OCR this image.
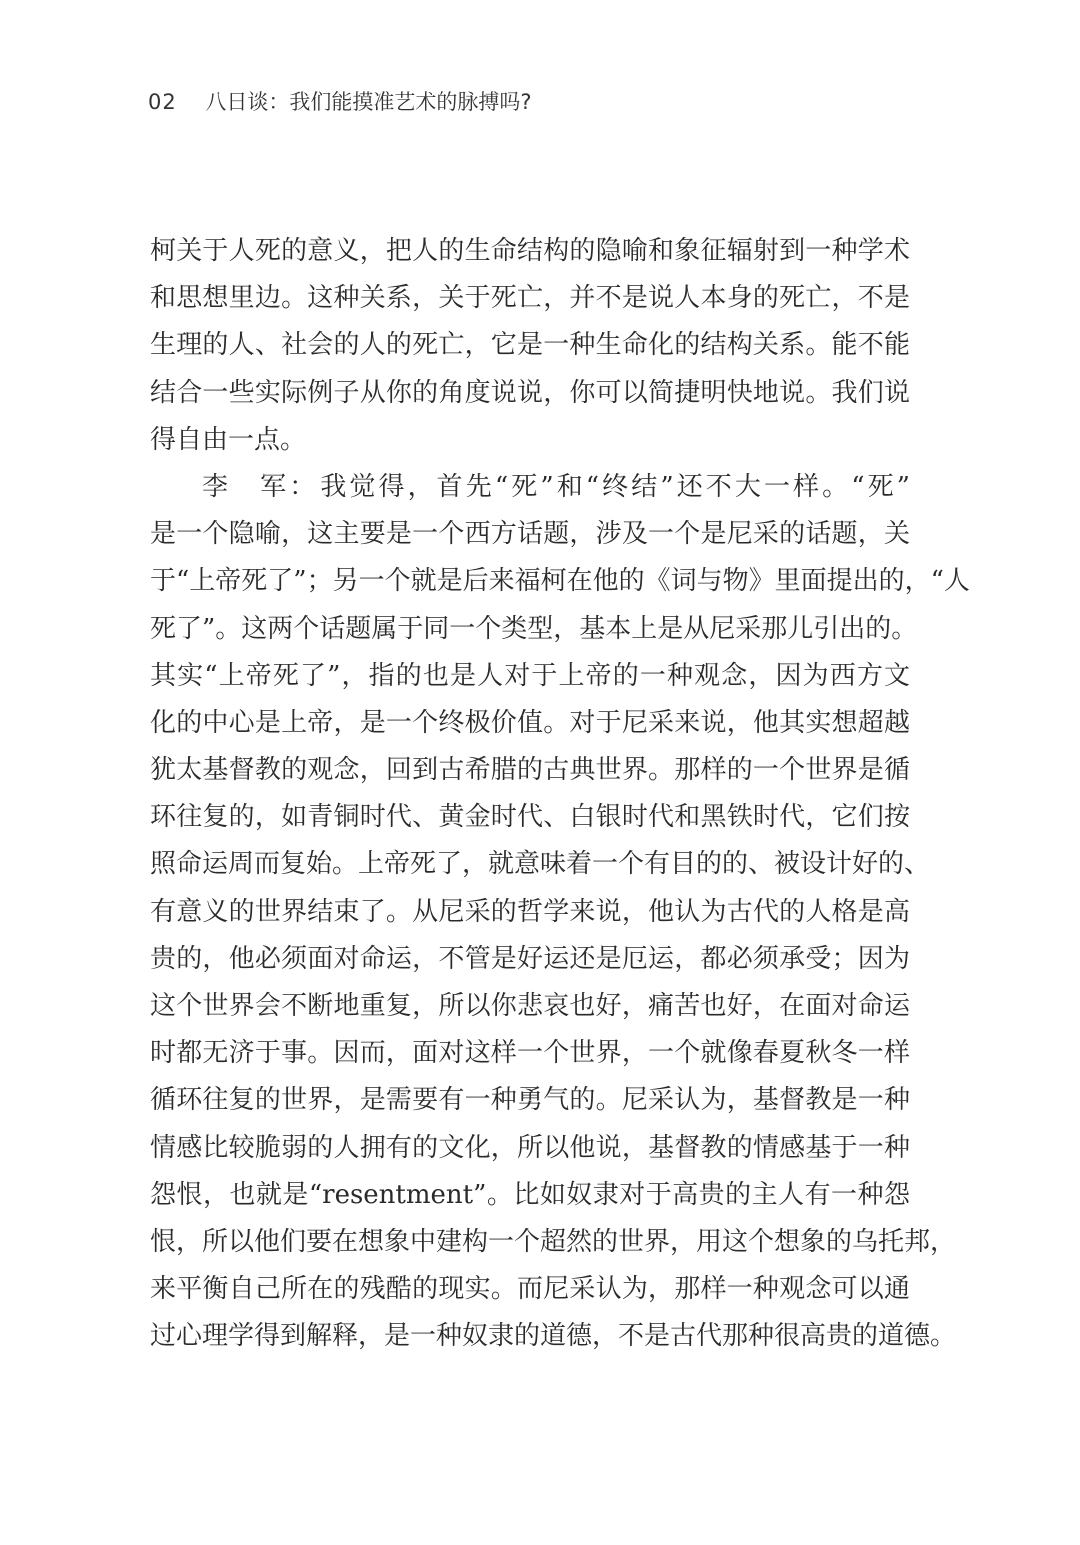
02 八日谈：我们能摸准艺术的脉搏吗?
柯关于人死的意义，把人的生命结构的隐喻和象征辐射到一种学术
和思想里边。这种关系，关于死亡，并不是说人本身的死亡，不是
生理的人、社会的人的死亡，它是一种生命化的结构关系。能不能
结合一些实际例子从你的角度说说，你可以简捷明快地说。我们说
得自由一点。
李　军：我觉得，首先“死”和“终结”还不大一样。“死”
是一个隐喻，这主要是一个西方话题，涉及一个是尼采的话题，关
于“上帝死了”；另一个就是后来福柯在他的《词与物》里面提出的，“人
死了”。这两个话题属于同一个类型，基本上是从尼采那儿引出的。
其实“上帝死了”，指的也是人对于上帝的一种观念，因为西方文
化的中心是上帝，是一个终极价值。对于尼采来说，他其实想超越
犹太基督教的观念，回到古希腊的古典世界。那样的一个世界是循
环往复的，如青铜时代、黄金时代、白银时代和黑铁时代，它们按
照命运周而复始。上帝死了，就意味着一个有目的的、被设计好的、
有意义的世界结束了。从尼采的哲学来说，他认为古代的人格是高
贵的，他必须面对命运，不管是好运还是厄运，都必须承受；因为
这个世界会不断地重复，所以你悲哀也好，痛苦也好，在面对命运
时都无济于事。因而，面对这样一个世界，一个就像春夏秋冬一样
循环往复的世界，是需要有一种勇气的。尼采认为，基督教是一种
情感比较脆弱的人拥有的文化，所以他说，基督教的情感基于一种
怨恨，也就是“resentment”。比如奴隶对于高贵的主人有一种怨
恨，所以他们要在想象中建构一个超然的世界，用这个想象的乌托邦，
来平衡自己所在的残酷的现实。而尼采认为，那样一种观念可以通
过心理学得到解释，是一种奴隶的道德，不是古代那种很高贵的道德。
